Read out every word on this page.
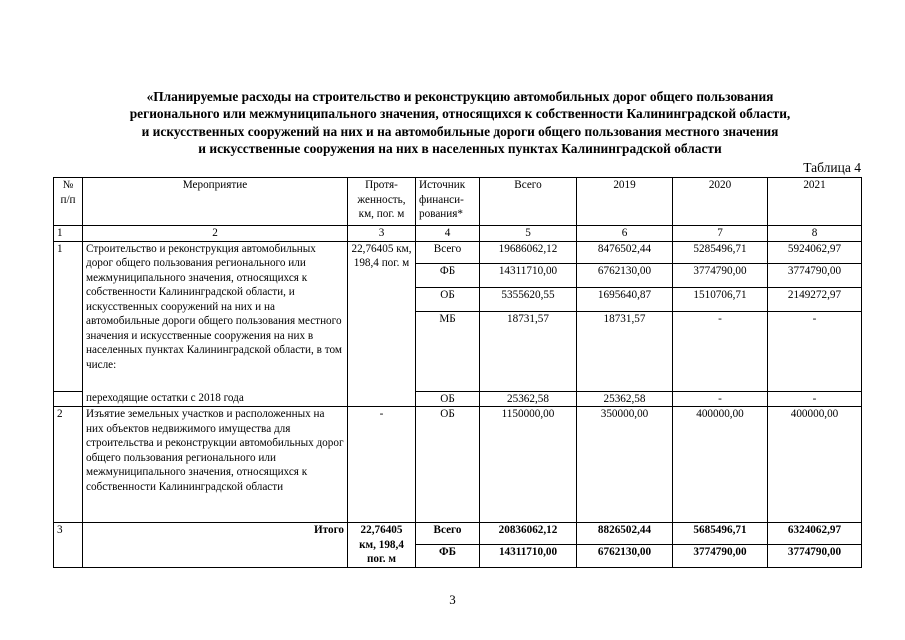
«Планируемые расходы на строительство и реконструкцию автомобильных дорог общего пользования
регионального или межмуниципального значения, относящихся к собственности Калининградской области,
и искусственных сооружений на них и на автомобильные дороги общего пользования местного значения
и искусственные сооружения на них в населенных пунктах Калининградской области
Таблица 4
№ п/п	Мероприятие	Протя-женность, км, пог. м	Источник финанси-рования*	Всего	2019	2020	2021
1	2	3	4	5	6	7	8
1	Строительство и реконструкция автомобильных дорог общего пользования регионального или межмуниципального значения, относящихся к собственности Калининградской области, и искусственных сооружений на них и на автомобильные дороги общего пользования местного значения и искусственные сооружения на них в населенных пунктах Калининградской области, в том числе:	22,76405 км, 198,4 пог. м	Всего	19686062,12	8476502,44	5285496,71	5924062,97
			ФБ	14311710,00	6762130,00	3774790,00	3774790,00
			ОБ	5355620,55	1695640,87	1510706,71	2149272,97
			МБ	18731,57	18731,57	-	-
	переходящие остатки с 2018 года		ОБ	25362,58	25362,58	-	-
2	Изъятие земельных участков и расположенных на них объектов недвижимого имущества для строительства и реконструкции автомобильных дорог общего пользования регионального или межмуниципального значения, относящихся к собственности Калининградской области	-	ОБ	1150000,00	350000,00	400000,00	400000,00
3	Итого	22,76405 км, 198,4 пог. м	Всего	20836062,12	8826502,44	5685496,71	6324062,97
			ФБ	14311710,00	6762130,00	3774790,00	3774790,00
3
